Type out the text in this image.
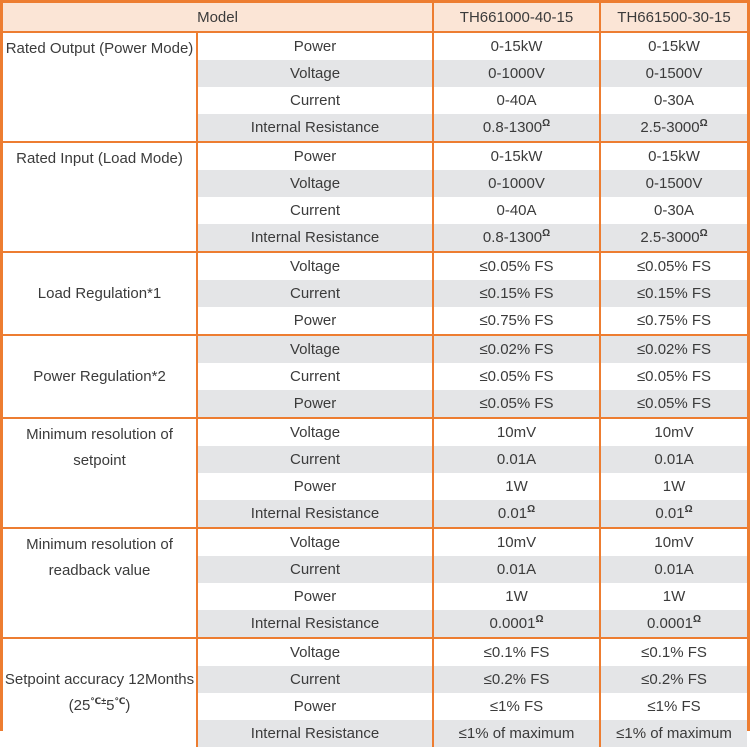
Model		TH661000-40-15	TH661500-30-15

Rated Output (Power Mode)	Power	0-15kW	0-15kW
	Voltage	0-1000V	0-1500V
	Current	0-40A	0-30A
	Internal Resistance	$0.8-1300^\Omega$	$2.5-3000^\Omega$

Rated Input (Load Mode)	Power	0-15kW	0-15kW
	Voltage	0-1000V	0-1500V
	Current	0-40A	0-30A
	Internal Resistance	$0.8-1300^\Omega$	$2.5-3000^\Omega$

Load Regulation*1	Voltage	≤0.05% FS	≤0.05% FS
	Current	≤0.15% FS	≤0.15% FS
	Power	≤0.75% FS	≤0.75% FS

Power Regulation*2	Voltage	≤0.02% FS	≤0.02% FS
	Current	≤0.05% FS	≤0.05% FS
	Power	≤0.05% FS	≤0.05% FS

Minimum resolution of
setpoint	Voltage	10mV	10mV
	Current	0.01A	0.01A
	Power	1W	1W
	Internal Resistance	$0.01^\Omega$	$0.01^\Omega$

Minimum resolution of
readback value	Voltage	10mV	10mV
	Current	0.01A	0.01A
	Power	1W	1W
	Internal Resistance	$0.0001^\Omega$	$0.0001^\Omega$

Setpoint accuracy 12Months
(25℃±5℃)	Voltage	≤0.1% FS	≤0.1% FS
	Current	≤0.2% FS	≤0.2% FS
	Power	≤1% FS	≤1% FS
	Internal Resistance	≤1% of maximum	≤1% of maximum
